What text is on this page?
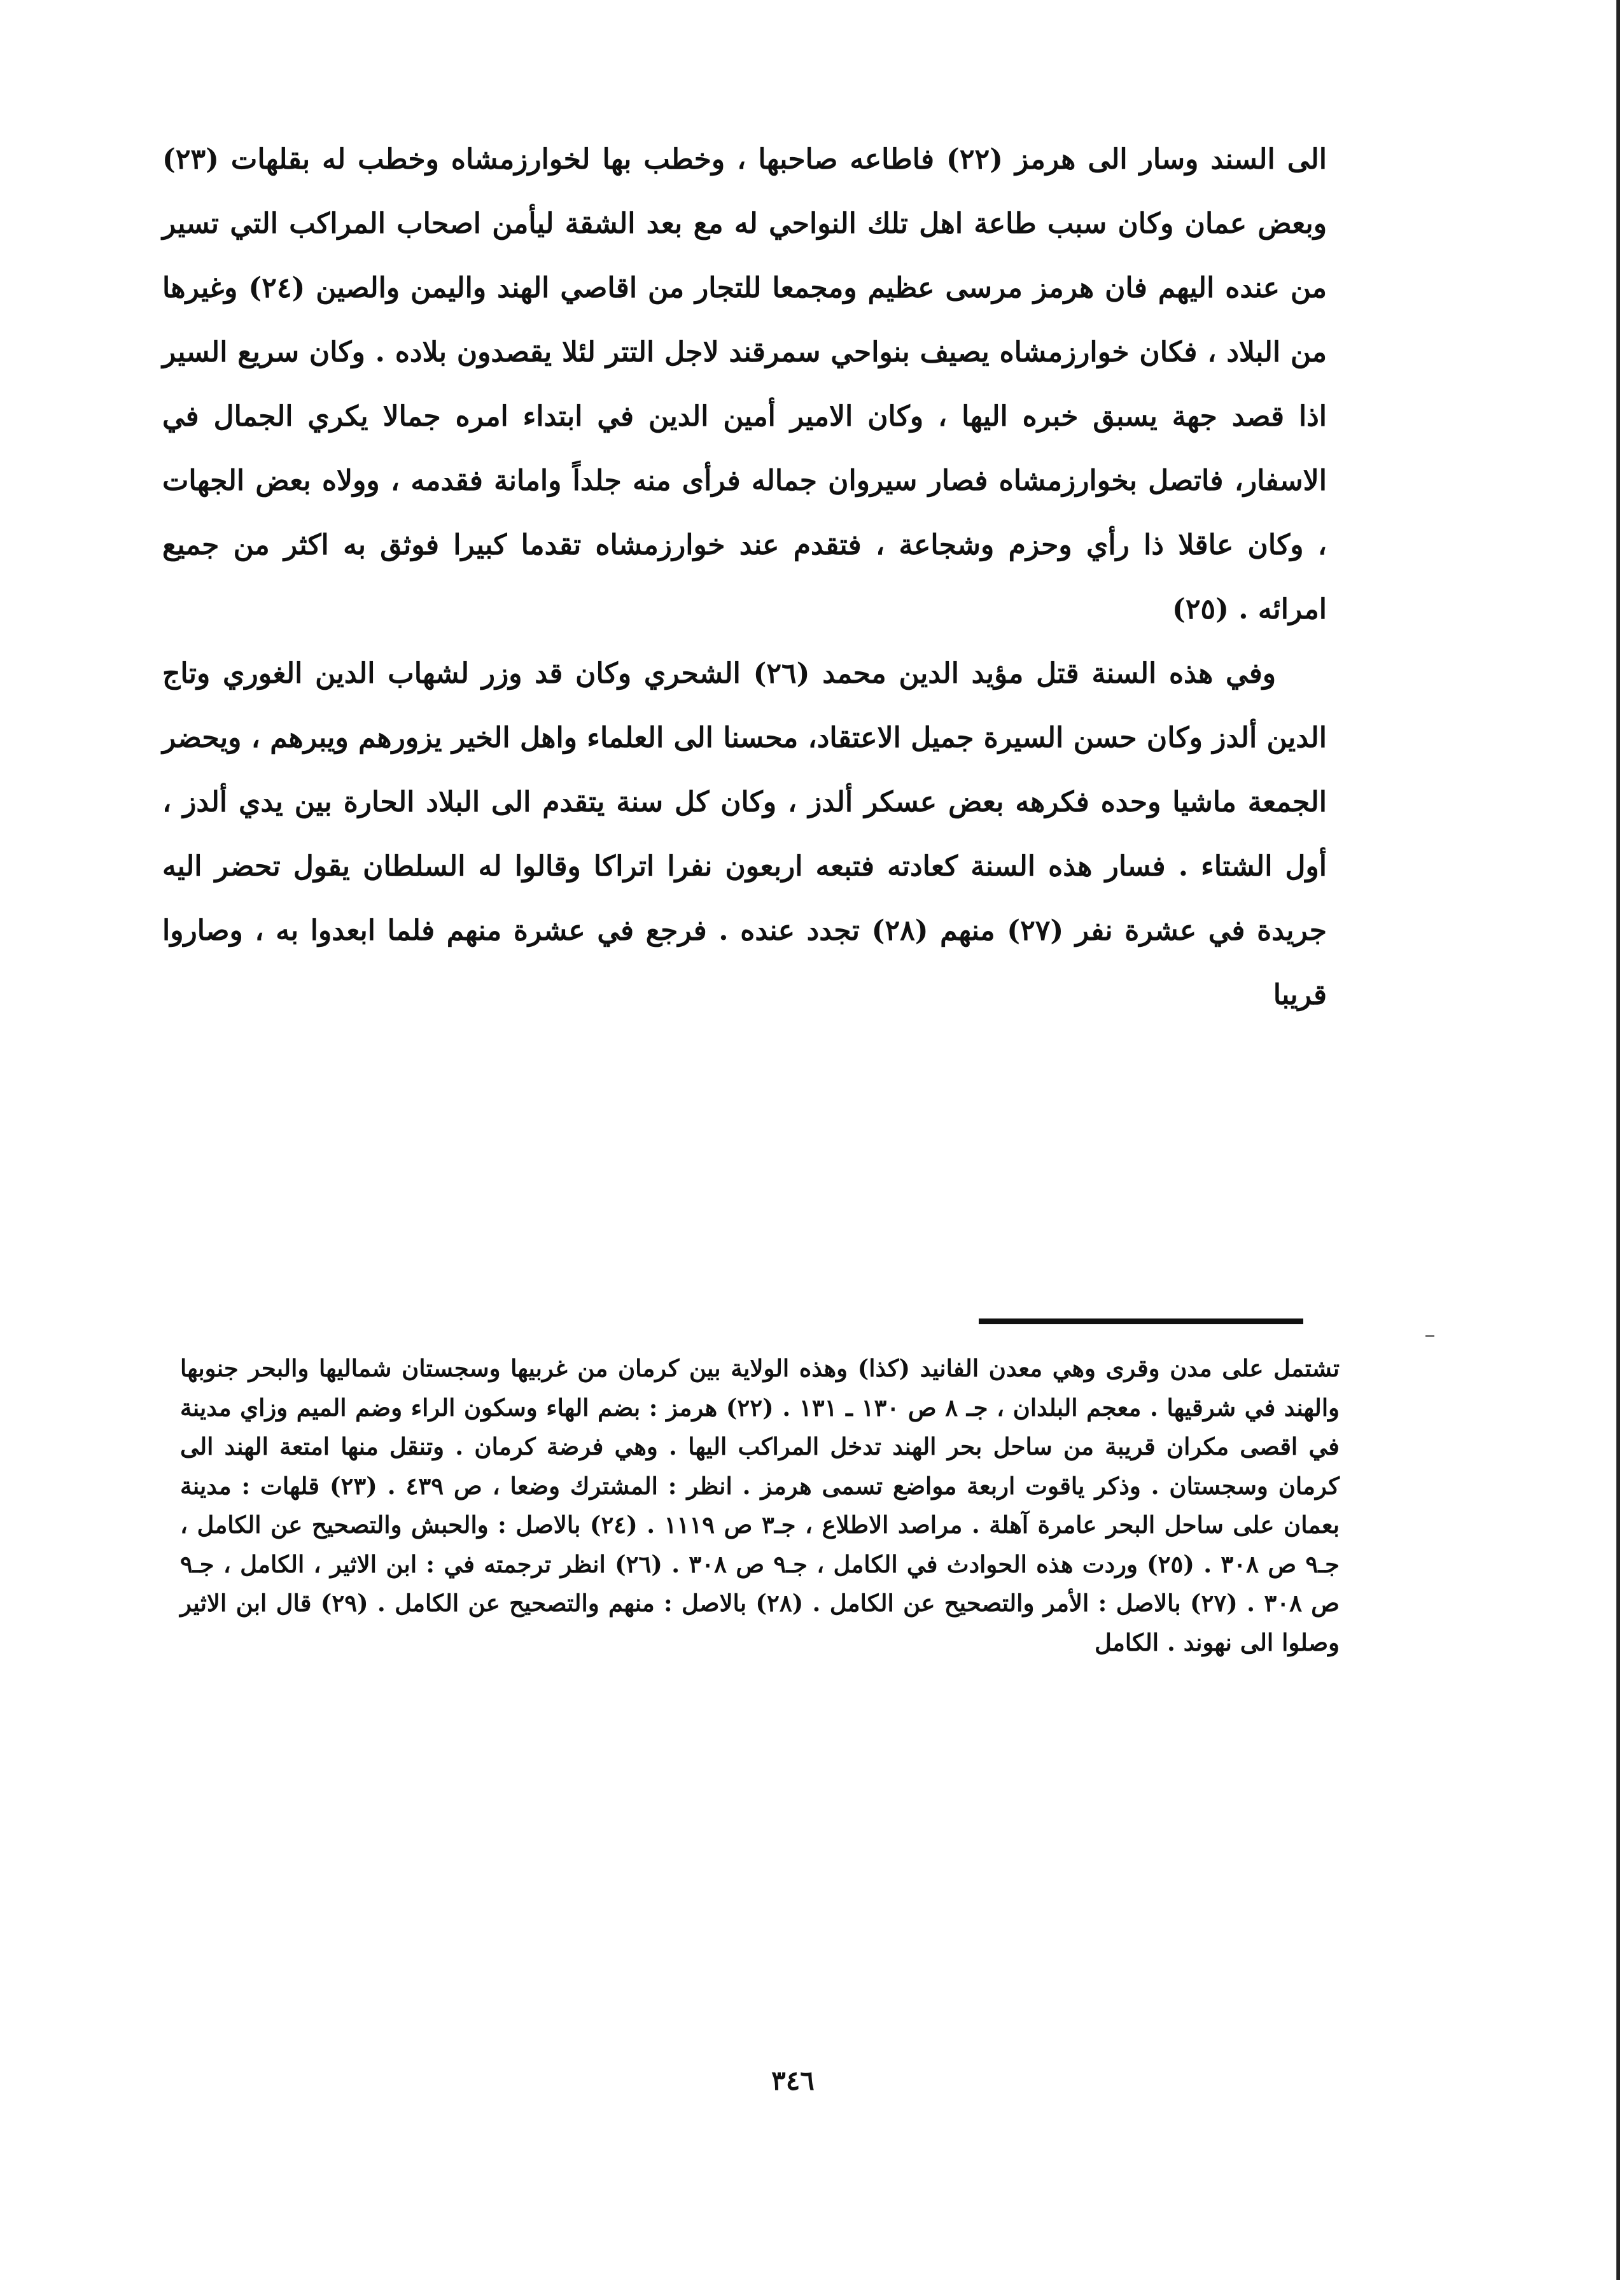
الى السند وسار الى هرمز (٢٢) فاطاعه صاحبها ، وخطب بها لخوارزمشاه وخطب له بقلهات (٢٣) وبعض عمان وكان سبب طاعة اهل تلك النواحي له مع بعد الشقة ليأمن اصحاب المراكب التي تسير من عنده اليهم فان هرمز مرسى عظيم ومجمعا للتجار من اقاصي الهند واليمن والصين (٢٤) وغيرها من البلاد ، فكان خوارزمشاه يصيف بنواحي سمرقند لاجل التتر لئلا يقصدون بلاده . وكان سريع السير اذا قصد جهة يسبق خبره اليها ، وكان الامير أمين الدين في ابتداء امره جمالا يكري الجمال في الاسفار، فاتصل بخوارزمشاه فصار سيروان جماله فرأى منه جلداً وامانة فقدمه ، وولاه بعض الجهات ، وكان عاقلا ذا رأي وحزم وشجاعة ، فتقدم عند خوارزمشاه تقدما كبيرا فوثق به اكثر من جميع امرائه . (٢٥)

وفي هذه السنة قتل مؤيد الدين محمد (٢٦) الشحري وكان قد وزر لشهاب الدين الغوري وتاج الدين ألدز وكان حسن السيرة جميل الاعتقاد، محسنا الى العلماء واهل الخير يزورهم ويبرهم ، ويحضر الجمعة ماشيا وحده فكرهه بعض عسكر ألدز ، وكان كل سنة يتقدم الى البلاد الحارة بين يدي ألدز ، أول الشتاء . فسار هذه السنة كعادته فتبعه اربعون نفرا اتراكا وقالوا له السلطان يقول تحضر اليه جريدة في عشرة نفر (٢٧) منهم (٢٨) تجدد عنده . فرجع في عشرة منهم فلما ابعدوا به ، وصاروا قريبا

تشتمل على مدن وقرى وهي معدن الفانيد (كذا) وهذه الولاية بين كرمان من غربيها وسجستان شماليها والبحر جنوبها والهند في شرقيها . معجم البلدان ، جـ ٨ ص ١٣٠ ـ ١٣١ . (٢٢) هرمز : بضم الهاء وسكون الراء وضم الميم وزاي مدينة في اقصى مكران قريبة من ساحل بحر الهند تدخل المراكب اليها . وهي فرضة كرمان . وتنقل منها امتعة الهند الى كرمان وسجستان . وذكر ياقوت اربعة مواضع تسمى هرمز . انظر : المشترك وضعا ، ص ٤٣٩ . (٢٣) قلهات : مدينة بعمان على ساحل البحر عامرة آهلة . مراصد الاطلاع ، جـ٣ ص ١١١٩ . (٢٤) بالاصل : والحبش والتصحيح عن الكامل ، جـ٩ ص ٣٠٨ . (٢٥) وردت هذه الحوادث في الكامل ، جـ٩ ص ٣٠٨ . (٢٦) انظر ترجمته في : ابن الاثير ، الكامل ، جـ٩ ص ٣٠٨ . (٢٧) بالاصل : الأمر والتصحيح عن الكامل . (٢٨) بالاصل : منهم والتصحيح عن الكامل . (٢٩) قال ابن الاثير وصلوا الى نهوند . الكامل
٣٤٦
